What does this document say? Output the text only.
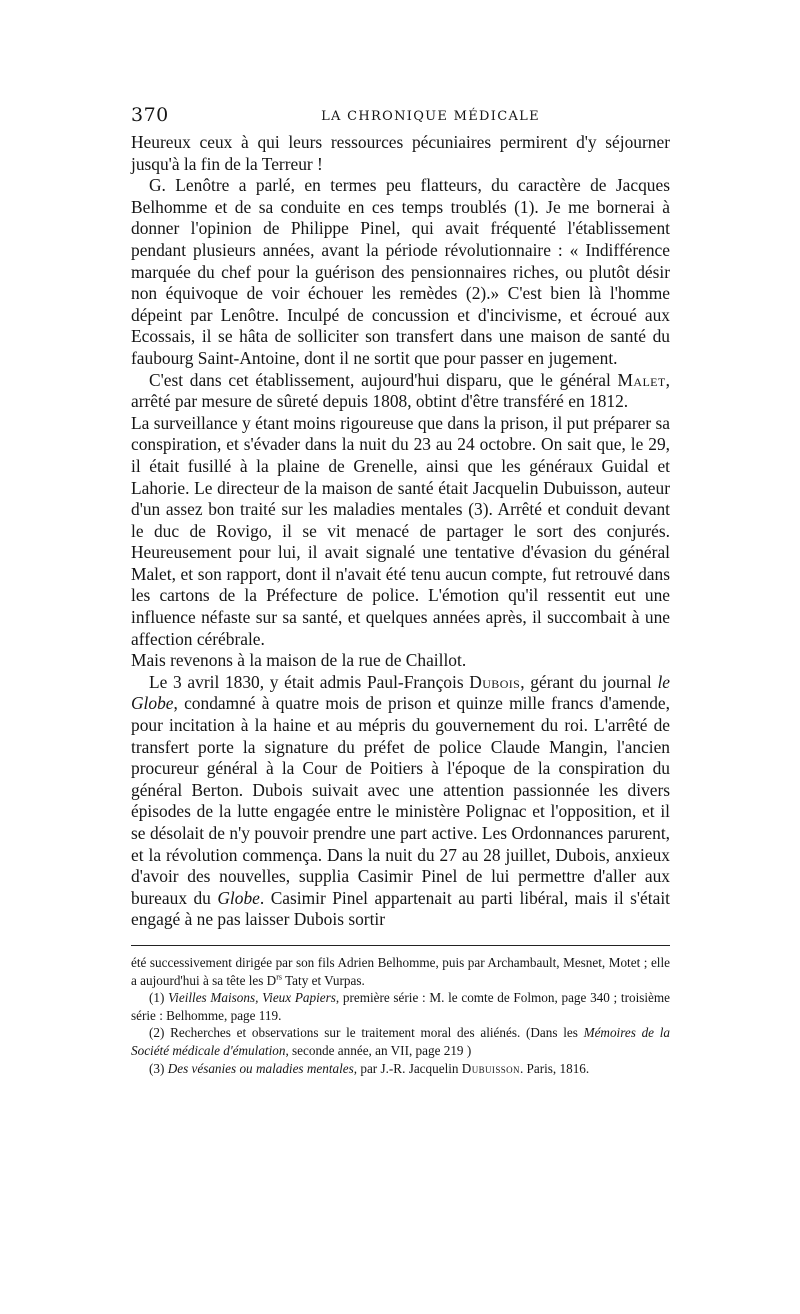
370	LA CHRONIQUE MÉDICALE

Heureux ceux à qui leurs ressources pécuniaires permirent d'y séjourner jusqu'à la fin de la Terreur !

G. Lenôtre a parlé, en termes peu flatteurs, du caractère de Jacques Belhomme et de sa conduite en ces temps troublés (1). Je me bornerai à donner l'opinion de Philippe Pinel, qui avait fréquenté l'établissement pendant plusieurs années, avant la période révolutionnaire : « Indifférence marquée du chef pour la guérison des pensionnaires riches, ou plutôt désir non équivoque de voir échouer les remèdes (2).» C'est bien là l'homme dépeint par Lenôtre. Inculpé de concussion et d'incivisme, et écroué aux Ecossais, il se hâta de solliciter son transfert dans une maison de santé du faubourg Saint-Antoine, dont il ne sortit que pour passer en jugement.

C'est dans cet établissement, aujourd'hui disparu, que le général Malet, arrêté par mesure de sûreté depuis 1808, obtint d'être transféré en 1812.

La surveillance y étant moins rigoureuse que dans la prison, il put préparer sa conspiration, et s'évader dans la nuit du 23 au 24 octobre. On sait que, le 29, il était fusillé à la plaine de Grenelle, ainsi que les généraux Guidal et Lahorie. Le directeur de la maison de santé était Jacquelin Dubuisson, auteur d'un assez bon traité sur les maladies mentales (3). Arrêté et conduit devant le duc de Rovigo, il se vit menacé de partager le sort des conjurés. Heureusement pour lui, il avait signalé une tentative d'évasion du général Malet, et son rapport, dont il n'avait été tenu aucun compte, fut retrouvé dans les cartons de la Préfecture de police. L'émotion qu'il ressentit eut une influence néfaste sur sa santé, et quelques années après, il succombait à une affection cérébrale.

Mais revenons à la maison de la rue de Chaillot.

Le 3 avril 1830, y était admis Paul-François Dubois, gérant du journal le Globe, condamné à quatre mois de prison et quinze mille francs d'amende, pour incitation à la haine et au mépris du gouvernement du roi. L'arrêté de transfert porte la signature du préfet de police Claude Mangin, l'ancien procureur général à la Cour de Poitiers à l'époque de la conspiration du général Berton. Dubois suivait avec une attention passionnée les divers épisodes de la lutte engagée entre le ministère Polignac et l'opposition, et il se désolait de n'y pouvoir prendre une part active. Les Ordonnances parurent, et la révolution commença. Dans la nuit du 27 au 28 juillet, Dubois, anxieux d'avoir des nouvelles, supplia Casimir Pinel de lui permettre d'aller aux bureaux du Globe. Casimir Pinel appartenait au parti libéral, mais il s'était engagé à ne pas laisser Dubois sortir

été successivement dirigée par son fils Adrien Belhomme, puis par Archambault, Mesnet, Motet ; elle a aujourd'hui à sa tête les $D^{rs}$ Taty et Vurpas.

(1) Vieilles Maisons, Vieux Papiers, première série : M. le comte de Folmon, page 340 ; troisième série : Belhomme, page 119.

(2) Recherches et observations sur le traitement moral des aliénés. (Dans les Mémoires de la Société médicale d'émulation, seconde année, an VII, page 219 )

(3) Des vésanies ou maladies mentales, par J.-R. Jacquelin Dubuisson. Paris, 1816.
